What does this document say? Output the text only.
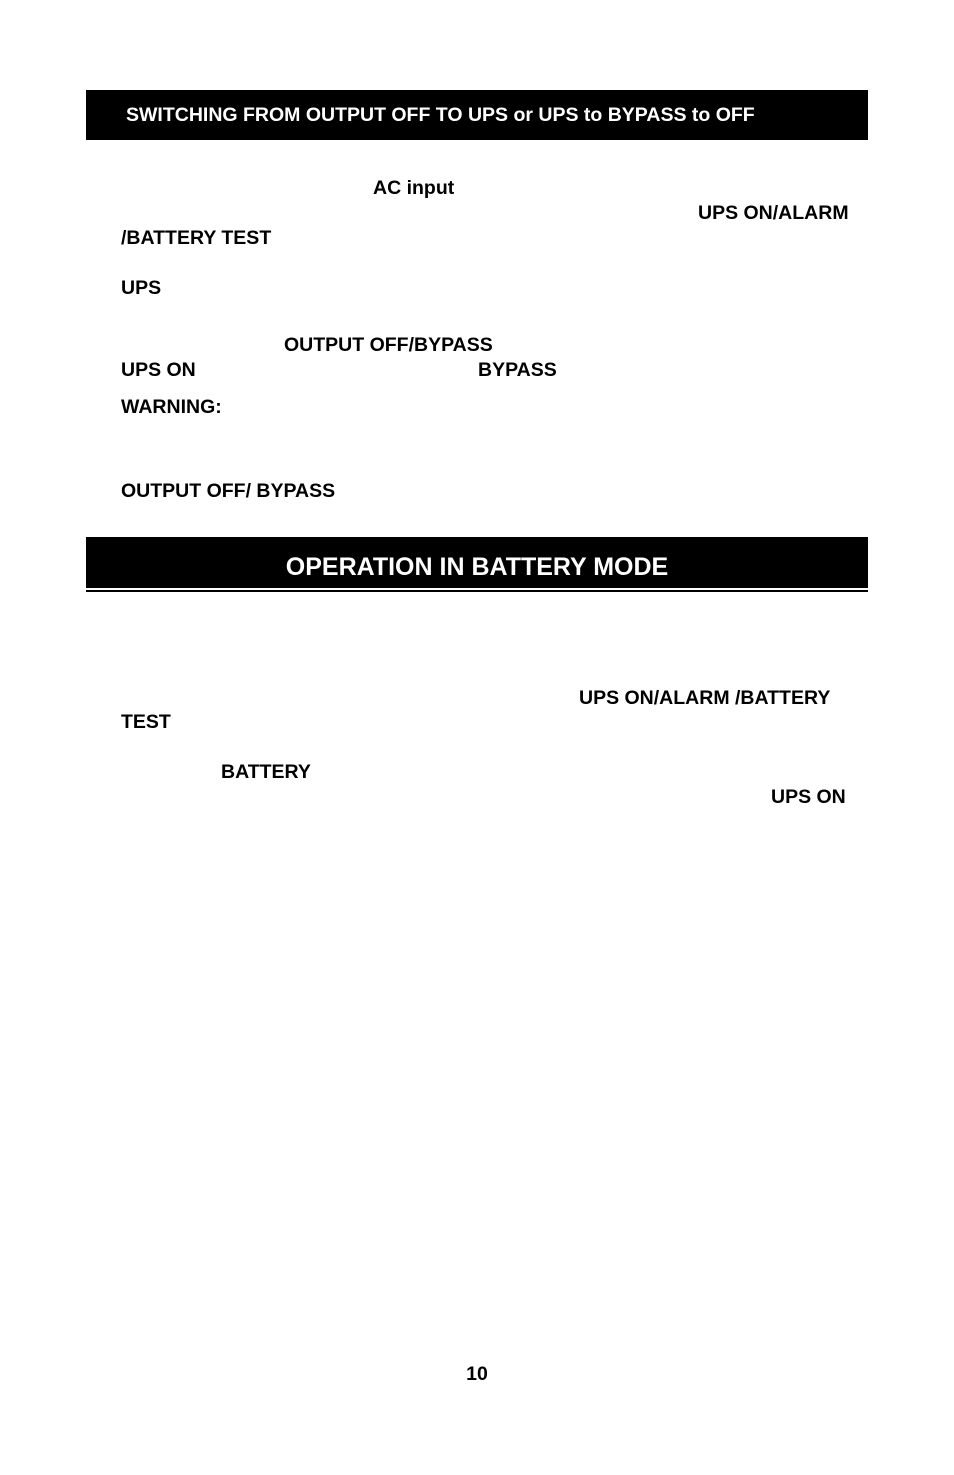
SWITCHING FROM OUTPUT OFF TO UPS or UPS to BYPASS to OFF
AC input
UPS ON/ALARM
/BATTERY TEST
UPS
OUTPUT OFF/BYPASS
UPS ON	BYPASS
WARNING:
OUTPUT OFF/ BYPASS
OPERATION IN BATTERY MODE
UPS ON/ALARM /BATTERY
TEST
BATTERY
UPS ON
10
